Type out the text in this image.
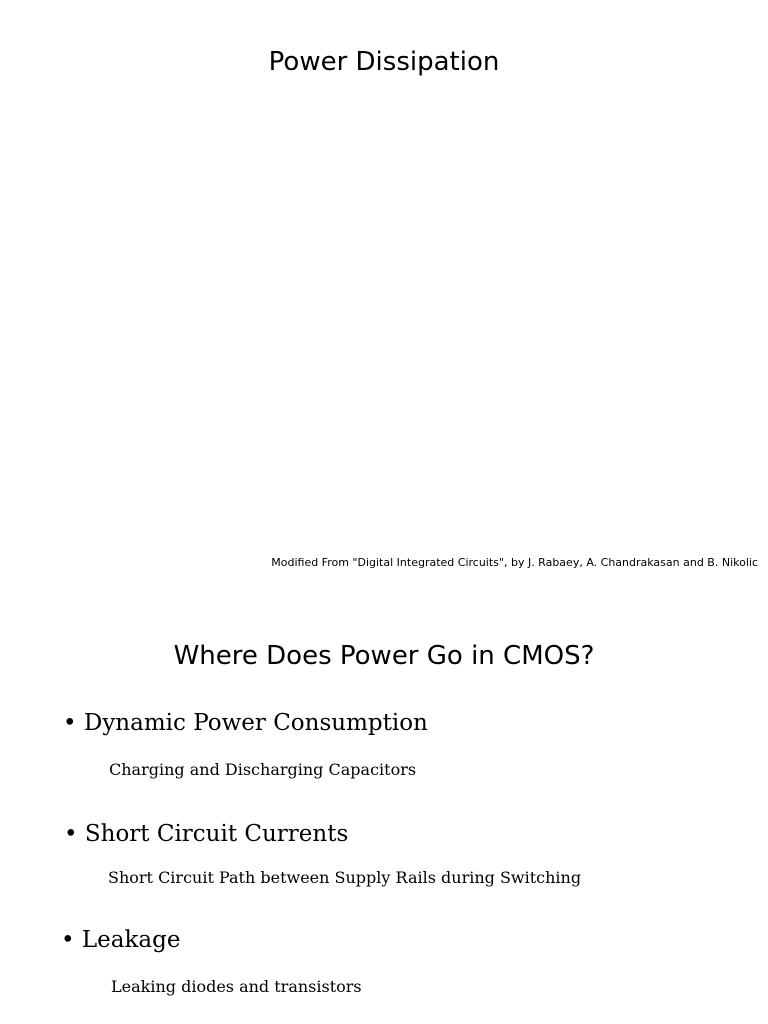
Power Dissipation
Modified From "Digital Integrated Circuits", by J. Rabaey, A. Chandrakasan and B. Nikolic
Where Does Power Go in CMOS?
• Dynamic Power Consumption
Charging and Discharging Capacitors
• Short Circuit Currents
Short Circuit Path between Supply Rails during Switching
• Leakage
Leaking diodes and transistors
